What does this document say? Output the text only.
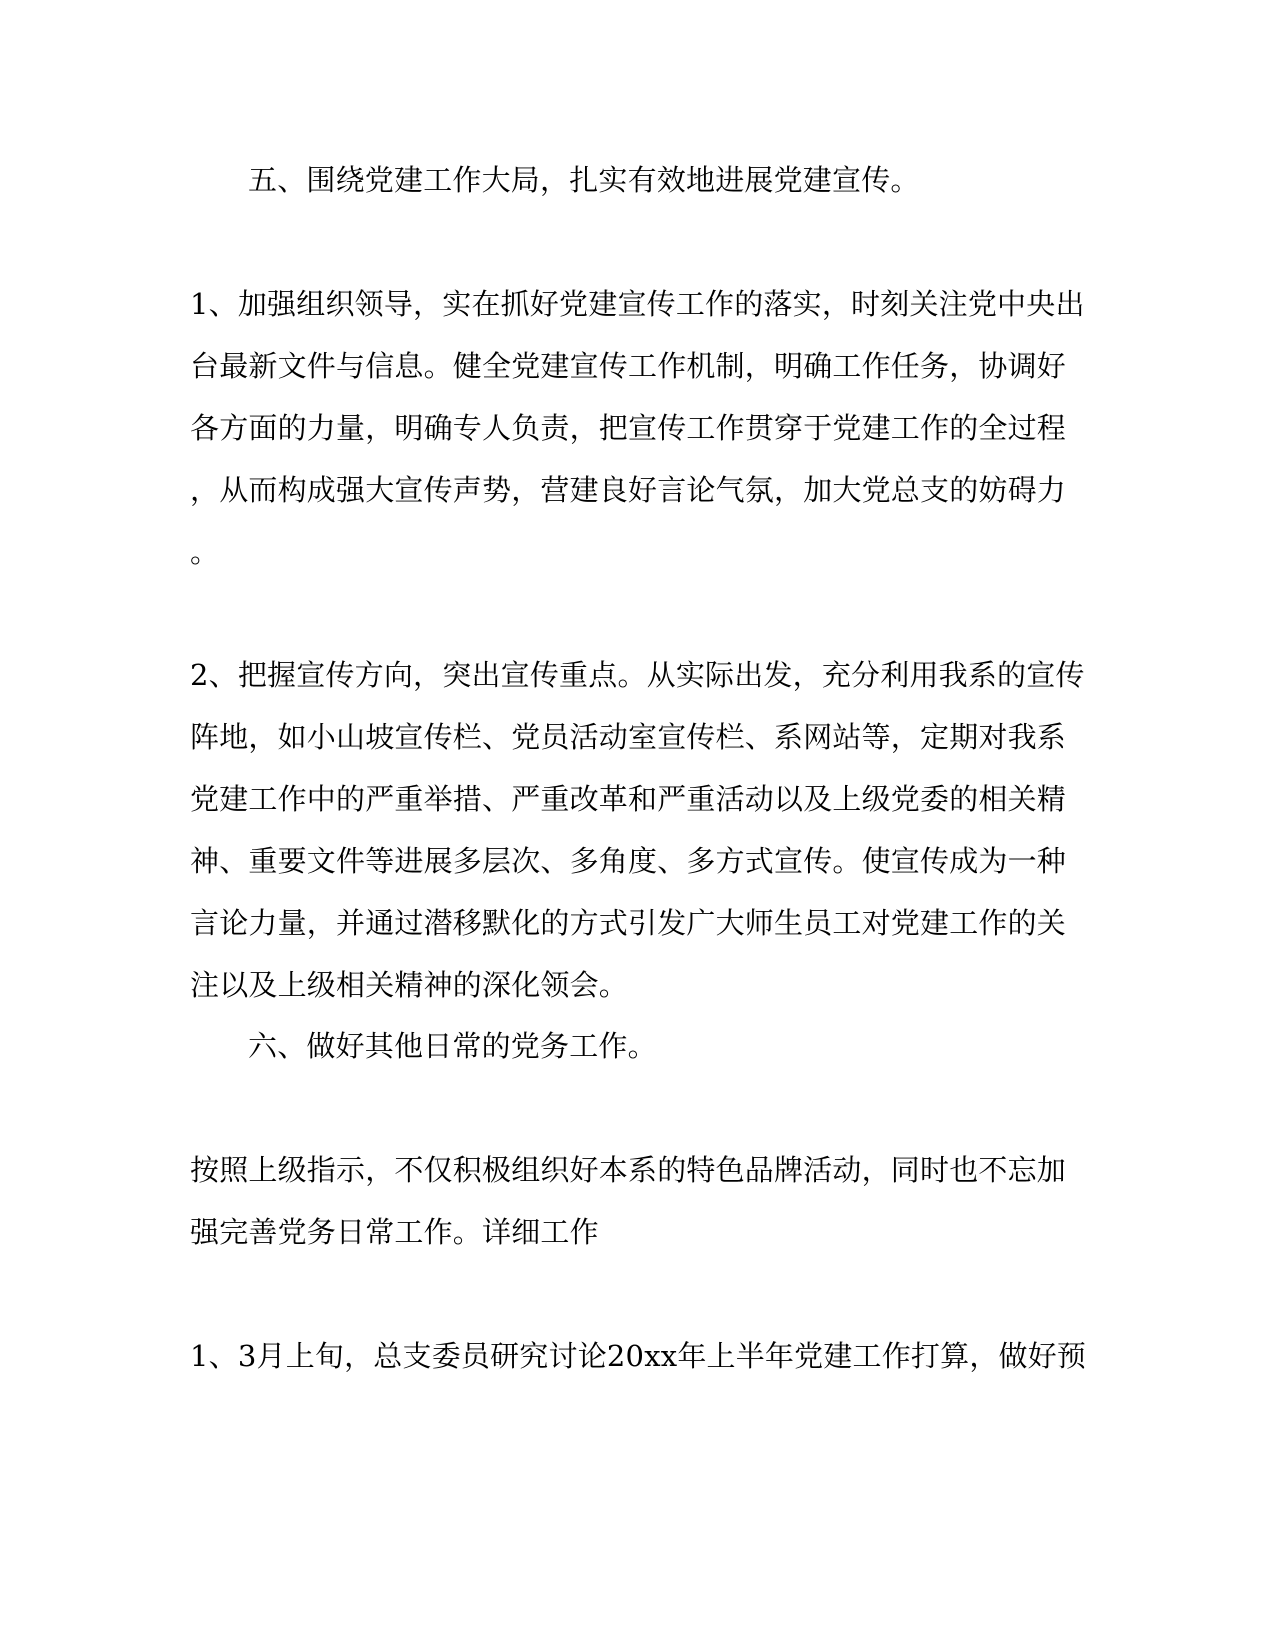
五、围绕党建工作大局，扎实有效地进展党建宣传。
1、加强组织领导，实在抓好党建宣传工作的落实，时刻关注党中央出
台最新文件与信息。健全党建宣传工作机制，明确工作任务，协调好
各方面的力量，明确专人负责，把宣传工作贯穿于党建工作的全过程
，从而构成强大宣传声势，营建良好言论气氛，加大党总支的妨碍力
。
2、把握宣传方向，突出宣传重点。从实际出发，充分利用我系的宣传
阵地，如小山坡宣传栏、党员活动室宣传栏、系网站等，定期对我系
党建工作中的严重举措、严重改革和严重活动以及上级党委的相关精
神、重要文件等进展多层次、多角度、多方式宣传。使宣传成为一种
言论力量，并通过潜移默化的方式引发广大师生员工对党建工作的关
注以及上级相关精神的深化领会。
六、做好其他日常的党务工作。
按照上级指示，不仅积极组织好本系的特色品牌活动，同时也不忘加
强完善党务日常工作。详细工作
1、3月上旬，总支委员研究讨论20xx年上半年党建工作打算，做好预
